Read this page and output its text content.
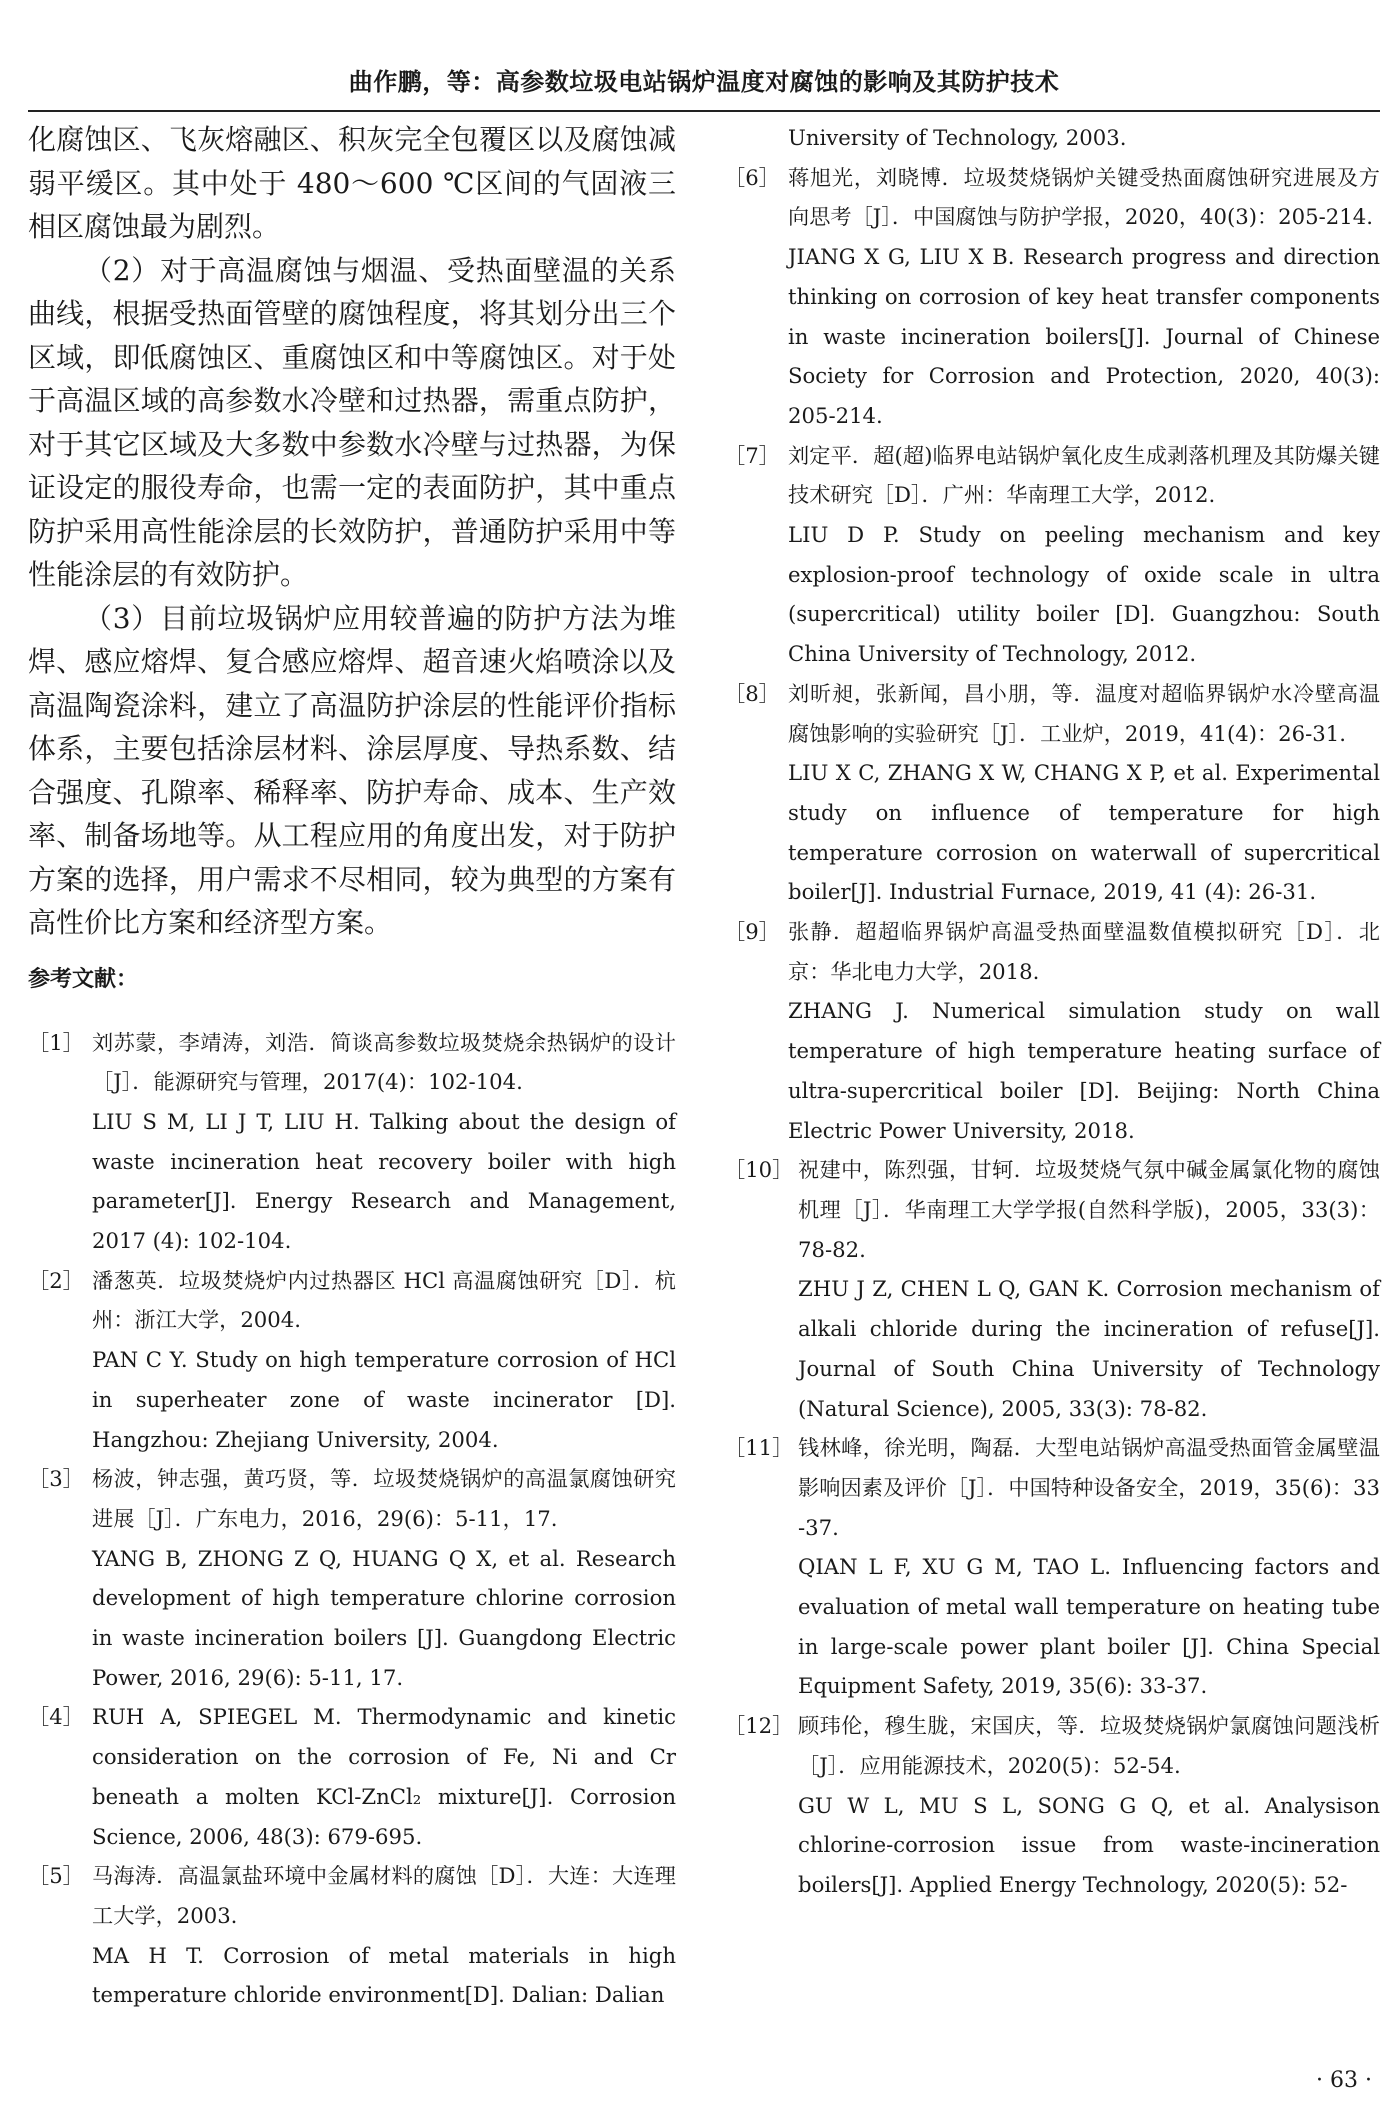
曲作鹏，等：高参数垃圾电站锅炉温度对腐蚀的影响及其防护技术

化腐蚀区、飞灰熔融区、积灰完全包覆区以及腐蚀减弱平缓区。其中处于 480～600 ℃区间的气固液三相区腐蚀最为剧烈。

（2）对于高温腐蚀与烟温、受热面壁温的关系曲线，根据受热面管壁的腐蚀程度，将其划分出三个区域，即低腐蚀区、重腐蚀区和中等腐蚀区。对于处于高温区域的高参数水冷壁和过热器，需重点防护，对于其它区域及大多数中参数水冷壁与过热器，为保证设定的服役寿命，也需一定的表面防护，其中重点防护采用高性能涂层的长效防护，普通防护采用中等性能涂层的有效防护。

（3）目前垃圾锅炉应用较普遍的防护方法为堆焊、感应熔焊、复合感应熔焊、超音速火焰喷涂以及高温陶瓷涂料，建立了高温防护涂层的性能评价指标体系，主要包括涂层材料、涂层厚度、导热系数、结合强度、孔隙率、稀释率、防护寿命、成本、生产效率、制备场地等。从工程应用的角度出发，对于防护方案的选择，用户需求不尽相同，较为典型的方案有高性价比方案和经济型方案。

参考文献：
［1］ 刘苏蒙，李靖涛，刘浩．简谈高参数垃圾焚烧余热锅炉的设计［J］．能源研究与管理，2017(4)：102-104.

LIU S M, LI J T, LIU H. Talking about the design of waste incineration heat recovery boiler with high parameter[J]. Energy Research and Management, 2017 (4): 102-104.

［2］ 潘葱英．垃圾焚烧炉内过热器区 HCl 高温腐蚀研究［D］．杭州：浙江大学，2004.

PAN C Y. Study on high temperature corrosion of HCl in superheater zone of waste incinerator [D]. Hangzhou: Zhejiang University, 2004.

［3］ 杨波，钟志强，黄巧贤，等．垃圾焚烧锅炉的高温氯腐蚀研究进展［J］．广东电力，2016，29(6)：5-11，17.

YANG B, ZHONG Z Q, HUANG Q X, et al. Research development of high temperature chlorine corrosion in waste incineration boilers [J]. Guangdong Electric Power, 2016, 29(6): 5-11, 17.

［4］ RUH A, SPIEGEL M. Thermodynamic and kinetic consideration on the corrosion of Fe, Ni and Cr beneath a molten KCl-ZnCl₂ mixture[J]. Corrosion Science, 2006, 48(3): 679-695.

［5］ 马海涛．高温氯盐环境中金属材料的腐蚀［D］．大连：大连理工大学，2003.

MA H T. Corrosion of metal materials in high temperature chloride environment[D]. Dalian: Dalian

University of Technology, 2003.

［6］ 蒋旭光，刘晓博．垃圾焚烧锅炉关键受热面腐蚀研究进展及方向思考［J］．中国腐蚀与防护学报，2020，40(3)：205-214.

JIANG X G, LIU X B. Research progress and direction thinking on corrosion of key heat transfer components in waste incineration boilers[J]. Journal of Chinese Society for Corrosion and Protection, 2020, 40(3): 205-214.

［7］ 刘定平．超(超)临界电站锅炉氧化皮生成剥落机理及其防爆关键技术研究［D］．广州：华南理工大学，2012.

LIU D P. Study on peeling mechanism and key explosion-proof technology of oxide scale in ultra (supercritical) utility boiler [D]. Guangzhou: South China University of Technology, 2012.

［8］ 刘昕昶，张新闻，昌小朋，等．温度对超临界锅炉水冷壁高温腐蚀影响的实验研究［J］．工业炉，2019，41(4)：26-31.

LIU X C, ZHANG X W, CHANG X P, et al. Experimental study on influence of temperature for high temperature corrosion on waterwall of supercritical boiler[J]. Industrial Furnace, 2019, 41 (4): 26-31.

［9］ 张静．超超临界锅炉高温受热面壁温数值模拟研究［D］．北京：华北电力大学，2018.

ZHANG J. Numerical simulation study on wall temperature of high temperature heating surface of ultra-supercritical boiler [D]. Beijing: North China Electric Power University, 2018.

［10］ 祝建中，陈烈强，甘轲．垃圾焚烧气氛中碱金属氯化物的腐蚀机理［J］．华南理工大学学报(自然科学版)，2005，33(3)：78-82.

ZHU J Z, CHEN L Q, GAN K. Corrosion mechanism of alkali chloride during the incineration of refuse[J]. Journal of South China University of Technology (Natural Science), 2005, 33(3): 78-82.

［11］ 钱林峰，徐光明，陶磊．大型电站锅炉高温受热面管金属壁温影响因素及评价［J］．中国特种设备安全，2019，35(6)：33-37.

QIAN L F, XU G M, TAO L. Influencing factors and evaluation of metal wall temperature on heating tube in large-scale power plant boiler [J]. China Special Equipment Safety, 2019, 35(6): 33-37.

［12］ 顾玮伦，穆生胧，宋国庆，等．垃圾焚烧锅炉氯腐蚀问题浅析［J］．应用能源技术，2020(5)：52-54.

GU W L, MU S L, SONG G Q, et al. Analysison chlorine-corrosion issue from waste-incineration boilers[J]. Applied Energy Technology, 2020(5): 52-

· 63 ·
